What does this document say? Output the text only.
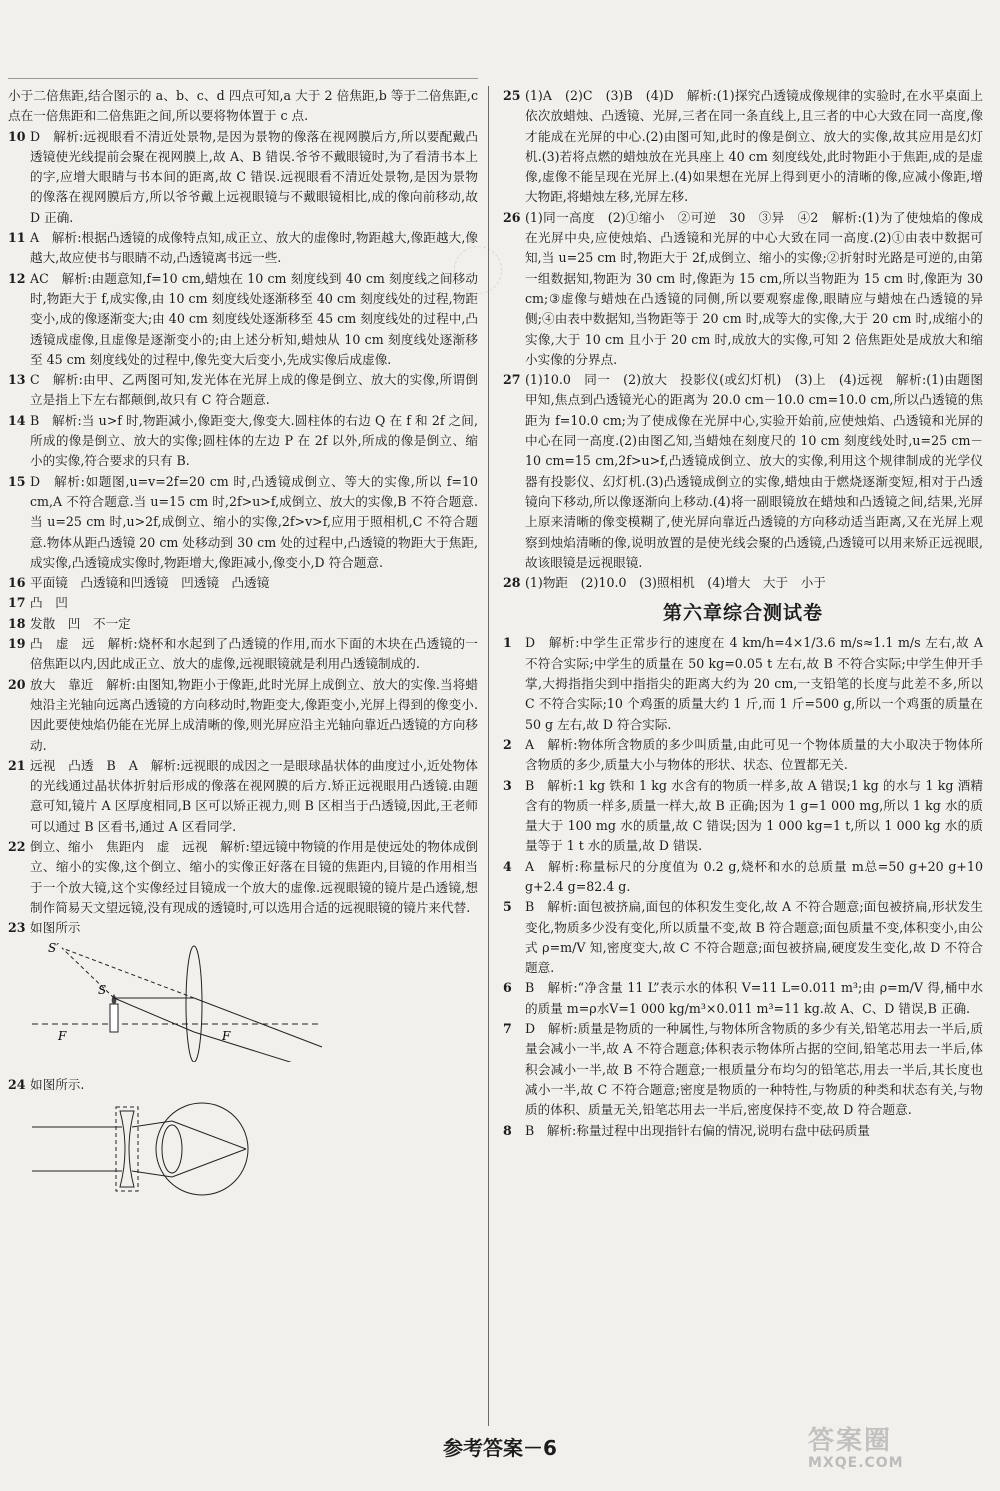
小于二倍焦距,结合图示的 a、b、c、d 四点可知,a 大于 2 倍焦距,b 等于二倍焦距,c 点在一倍焦距和二倍焦距之间,所以要将物体置于 c 点.

10 D　 解析:远视眼看不清近处景物,是因为景物的像落在视网膜后方,所以要配戴凸透镜使光线提前会聚在视网膜上,故 A、B 错误.爷爷不戴眼镜时,为了看清书本上的字,应增大眼睛与书本间的距离,故 C 错误.远视眼看不清近处景物,是因为景物的像落在视网膜后方,所以爷爷戴上远视眼镜与不戴眼镜相比,成的像向前移动,故 D 正确.
11 A　 解析:根据凸透镜的成像特点知,成正立、放大的虚像时,物距越大,像距越大,像越大,故应使书与眼睛不动,凸透镜离书远一些.
12 AC　 解析:由题意知,f=10 cm,蜡烛在 10 cm 刻度线到 40 cm 刻度线之间移动时,物距大于 f,成实像,由 10 cm 刻度线处逐渐移至 40 cm 刻度线处的过程,物距变小,成的像逐渐变大;由 40 cm 刻度线处逐渐移至 45 cm 刻度线处的过程中,凸透镜成虚像,且虚像是逐渐变小的;由上述分析知,蜡烛从 10 cm 刻度线处逐渐移至 45 cm 刻度线处的过程中,像先变大后变小,先成实像后成虚像.
13 C　 解析:由甲、乙两图可知,发光体在光屏上成的像是倒立、放大的实像,所谓倒立是指上下左右都颠倒,故只有 C 符合题意.
14 B　 解析:当 u>f 时,物距减小,像距变大,像变大.圆柱体的右边 Q 在 f 和 2f 之间,所成的像是倒立、放大的实像;圆柱体的左边 P 在 2f 以外,所成的像是倒立、缩小的实像,符合要求的只有 B.
15 D　 解析:如题图,u=v=2f=20 cm 时,凸透镜成倒立、等大的实像,所以 f=10 cm,A 不符合题意.当 u=15 cm 时,2f>u>f,成倒立、放大的实像,B 不符合题意.当 u=25 cm 时,u>2f,成倒立、缩小的实像,2f>v>f,应用于照相机,C 不符合题意.物体从距凸透镜 20 cm 处移动到 30 cm 处的过程中,凸透镜的物距大于焦距,成实像,凸透镜成实像时,物距增大,像距减小,像变小,D 符合题意.
16 平面镜　凸透镜和凹透镜　凹透镜　凸透镜
17 凸　凹
18 发散　凹　不一定
19 凸　虚　远　 解析:烧杯和水起到了凸透镜的作用,而水下面的木块在凸透镜的一倍焦距以内,因此成正立、放大的虚像,远视眼镜就是利用凸透镜制成的.
20 放大　靠近　 解析:由图知,物距小于像距,此时光屏上成倒立、放大的实像.当将蜡烛沿主光轴向远离凸透镜的方向移动时,物距变大,像距变小,光屏上得到的像变小.因此要使烛焰仍能在光屏上成清晰的像,则光屏应沿主光轴向靠近凸透镜的方向移动.
21 远视　凸透　B　A　 解析:远视眼的成因之一是眼球晶状体的曲度过小,近处物体的光线通过晶状体折射后形成的像落在视网膜的后方.矫正远视眼用凸透镜.由题意可知,镜片 A 区厚度相同,B 区可以矫正视力,则 B 区相当于凸透镜,因此,王老师可以通过 B 区看书,通过 A 区看同学.
22 倒立、缩小　焦距内　虚　远视　 解析:望远镜中物镜的作用是使远处的物体成倒立、缩小的实像,这个倒立、缩小的实像正好落在目镜的焦距内,目镜的作用相当于一个放大镜,这个实像经过目镜成一个放大的虚像.远视眼镜的镜片是凸透镜,想制作简易天文望远镜,没有现成的透镜时,可以选用合适的远视眼镜的镜片来代替.
23 如图所示
S′
S
F	F
24 如图所示.
25 (1)A　(2)C　(3)B　(4)D　 解析:(1)探究凸透镜成像规律的实验时,在水平桌面上依次放蜡烛、凸透镜、光屏,三者在同一条直线上,且三者的中心大致在同一高度,像才能成在光屏的中心.(2)由图可知,此时的像是倒立、放大的实像,故其应用是幻灯机.(3)若将点燃的蜡烛放在光具座上 40 cm 刻度线处,此时物距小于焦距,成的是虚像,虚像不能呈现在光屏上.(4)如果想在光屏上得到更小的清晰的像,应减小像距,增大物距,将蜡烛左移,光屏左移.
26 (1)同一高度　(2)①缩小　②可逆　30　③异　④2　 解析:(1)为了使烛焰的像成在光屏中央,应使烛焰、凸透镜和光屏的中心大致在同一高度.(2)①由表中数据可知,当 u=25 cm 时,物距大于 2f,成倒立、缩小的实像;②折射时光路是可逆的,由第一组数据知,物距为 30 cm 时,像距为 15 cm,所以当物距为 15 cm 时,像距为 30 cm;③虚像与蜡烛在凸透镜的同侧,所以要观察虚像,眼睛应与蜡烛在凸透镜的异侧;④由表中数据知,当物距等于 20 cm 时,成等大的实像,大于 20 cm 时,成缩小的实像,大于 10 cm 且小于 20 cm 时,成放大的实像,可知 2 倍焦距处是成放大和缩小实像的分界点.
27 (1)10.0　同一　(2)放大　投影仪(或幻灯机)　(3)上　(4)远视　 解析:(1)由题图甲知,焦点到凸透镜光心的距离为 20.0 cm－10.0 cm=10.0 cm,所以凸透镜的焦距为 f=10.0 cm;为了使成像在光屏中心,实验开始前,应使烛焰、凸透镜和光屏的中心在同一高度.(2)由图乙知,当蜡烛在刻度尺的 10 cm 刻度线处时,u=25 cm－10 cm=15 cm,2f>u>f,凸透镜成倒立、放大的实像,利用这个规律制成的光学仪器有投影仪、幻灯机.(3)凸透镜成倒立的实像,蜡烛由于燃烧逐渐变短,相对于凸透镜向下移动,所以像逐渐向上移动.(4)将一副眼镜放在蜡烛和凸透镜之间,结果,光屏上原来清晰的像变模糊了,使光屏向靠近凸透镜的方向移动适当距离,又在光屏上观察到烛焰清晰的像,说明放置的是使光线会聚的凸透镜,凸透镜可以用来矫正远视眼,故该眼镜是远视眼镜.
28 (1)物距　(2)10.0　(3)照相机　(4)增大　大于　小于
第六章综合测试卷
1 D　 解析:中学生正常步行的速度在 4 km/h=4×1/3.6 m/s≈1.1 m/s 左右,故 A 不符合实际;中学生的质量在 50 kg=0.05 t 左右,故 B 不符合实际;中学生伸开手掌,大拇指指尖到中指指尖的距离大约为 20 cm,一支铅笔的长度与此差不多,所以 C 不符合实际;10 个鸡蛋的质量大约 1 斤,而 1 斤=500 g,所以一个鸡蛋的质量在 50 g 左右,故 D 符合实际.
2 A　 解析:物体所含物质的多少叫质量,由此可见一个物体质量的大小取决于物体所含物质的多少,质量大小与物体的形状、状态、位置都无关.
3 B　 解析:1 kg 铁和 1 kg 水含有的物质一样多,故 A 错误;1 kg 的水与 1 kg 酒精含有的物质一样多,质量一样大,故 B 正确;因为 1 g=1 000 mg,所以 1 kg 水的质量大于 100 mg 水的质量,故 C 错误;因为 1 000 kg=1 t,所以 1 000 kg 水的质量等于 1 t 水的质量,故 D 错误.
4 A　 解析:称量标尺的分度值为 0.2 g,烧杯和水的总质量 m总=50 g+20 g+10 g+2.4 g=82.4 g.
5 B　 解析:面包被挤扁,面包的体积发生变化,故 A 不符合题意;面包被挤扁,形状发生变化,物质多少没有变化,所以质量不变,故 B 符合题意;面包质量不变,体积变小,由公式 ρ=m/V 知,密度变大,故 C 不符合题意;面包被挤扁,硬度发生变化,故 D 不符合题意.
6 B　 解析:“净含量 11 L”表示水的体积 V=11 L=0.011 m³;由 ρ=m/V 得,桶中水的质量 m=ρ水V=1 000 kg/m³×0.011 m³=11 kg.故 A、C、D 错误,B 正确.
7 D　 解析:质量是物质的一种属性,与物体所含物质的多少有关,铅笔芯用去一半后,质量会减小一半,故 A 不符合题意;体积表示物体所占据的空间,铅笔芯用去一半后,体积会减小一半,故 B 不符合题意;一根质量分布均匀的铅笔芯,用去一半后,其长度也减小一半,故 C 不符合题意;密度是物质的一种特性,与物质的种类和状态有关,与物质的体积、质量无关,铅笔芯用去一半后,密度保持不变,故 D 符合题意.
8 B　 解析:称量过程中出现指针右偏的情况,说明右盘中砝码质量
参考答案－6	答案圈
MXQE.COM
